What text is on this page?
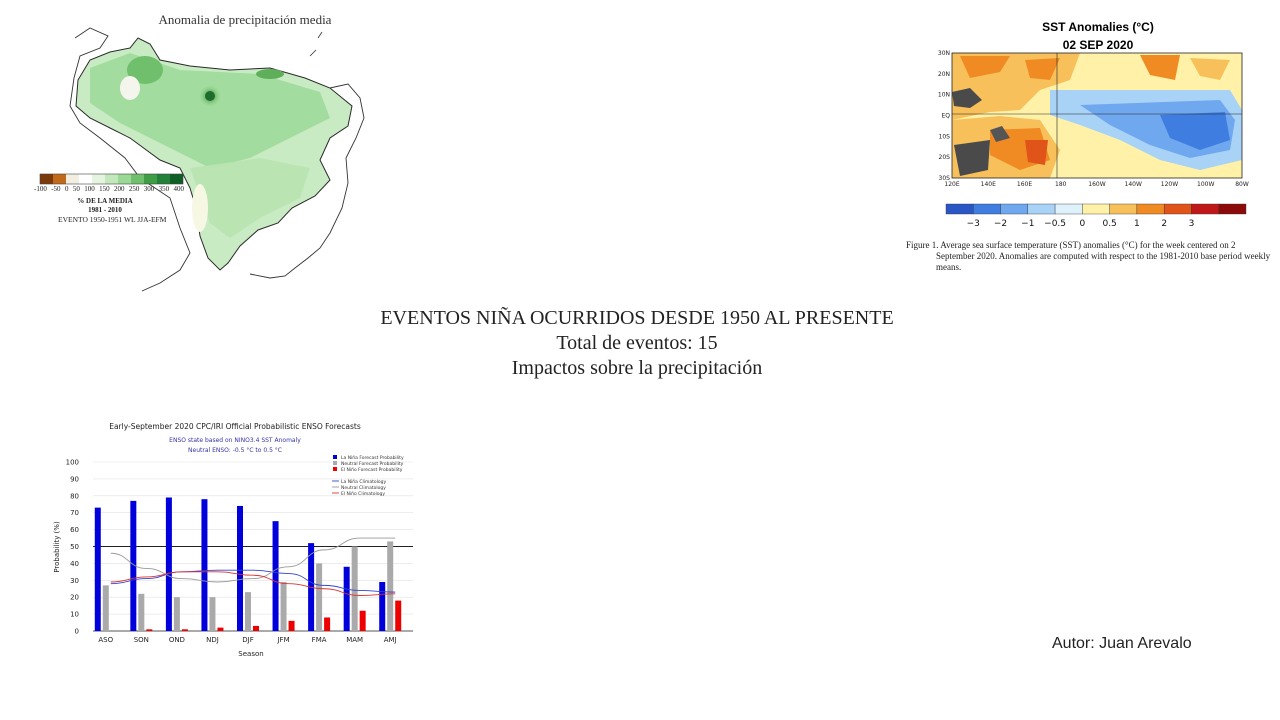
Anomalia de precipitación media
-100 -50 0 50 100 150 200 250 300 350 400
% DE LA MEDIA
1981 - 2010
EVENTO 1950-1951 WL JJA-EFM
SST Anomalies (°C)
02 SEP 2020
30N
20N
10N
EQ
10S
20S
30S
120E	140E	160E	180	160W	140W	120W	100W	80W
−3 −2 −1 −0.5 0 0.5 1 2 3

Figure 1. Average sea surface temperature (SST) anomalies (°C) for the week centered on 2 September 2020. Anomalies are computed with respect to the 1981-2010 base period weekly means.

EVENTOS NIÑA OCURRIDOS DESDE 1950 AL PRESENTE
Total de eventos: 15
Impactos sobre la precipitación
Early-September 2020 CPC/IRI Official Probabilistic ENSO Forecasts
ENSO state based on NINO3.4 SST Anomaly
Neutral ENSO: -0.5 °C to 0.5 °C
0
10
20
30
40
50
60
70
80
90
100
ASO	SON	OND	NDJ	DJF	JFM	FMA	MAM	AMJ
La Niña Forecast Probability
Neutral Forecast Probability
El Niño Forecast Probability
La Niña Climatology
Neutral Climatology
El Niño Climatology
Season
Probability (%)
Autor: Juan Arevalo
